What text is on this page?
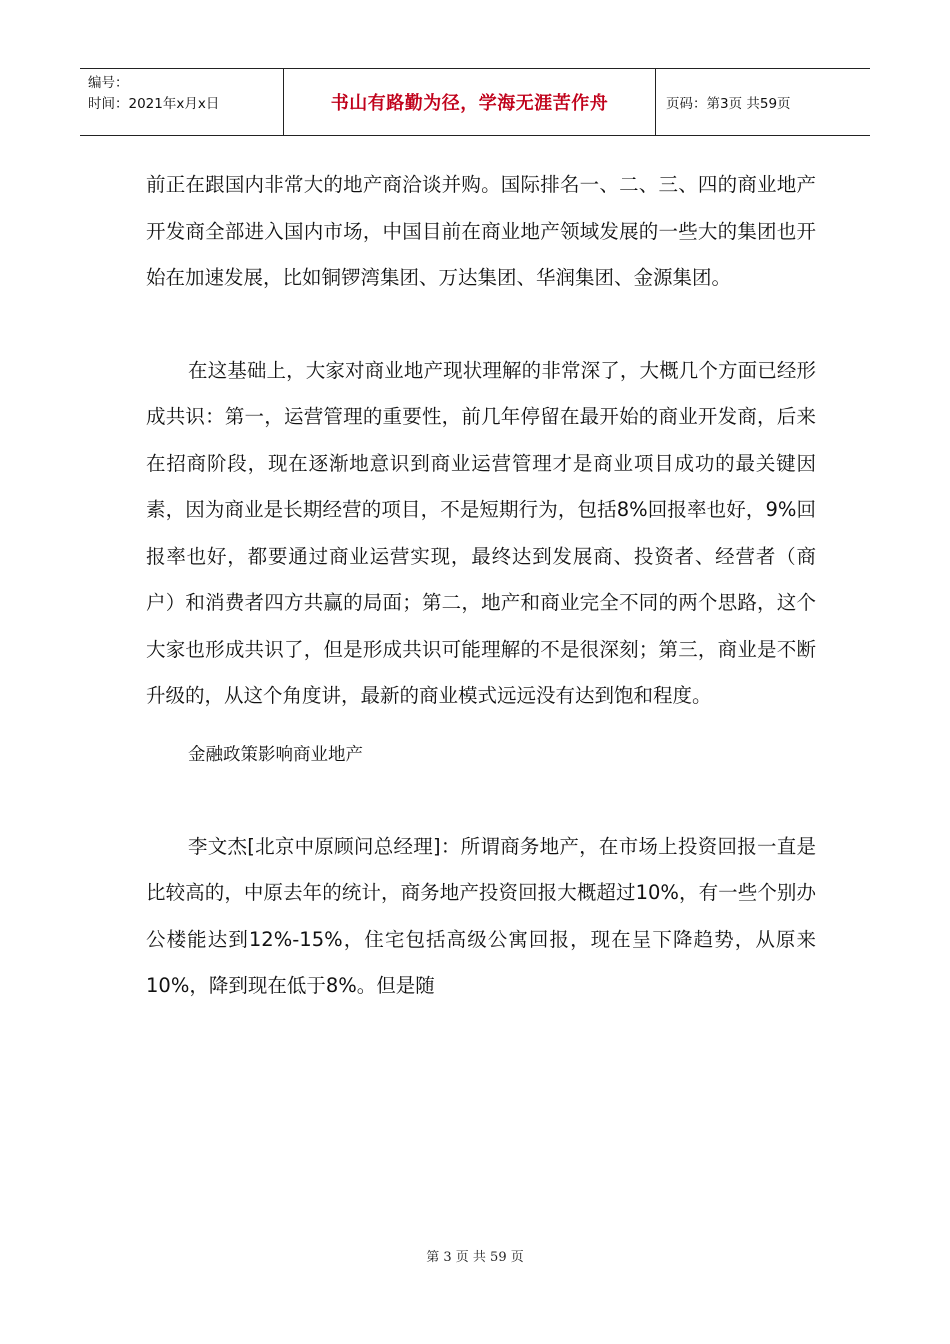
编号：
时间：2021年x月x日	书山有路勤为径，学海无涯苦作舟	页码：第3页 共59页

前正在跟国内非常大的地产商洽谈并购。国际排名一、二、三、四的商业地产开发商全部进入国内市场，中国目前在商业地产领域发展的一些大的集团也开始在加速发展，比如铜锣湾集团、万达集团、华润集团、金源集团。

在这基础上，大家对商业地产现状理解的非常深了，大概几个方面已经形成共识：第一，运营管理的重要性，前几年停留在最开始的商业开发商，后来在招商阶段，现在逐渐地意识到商业运营管理才是商业项目成功的最关键因素，因为商业是长期经营的项目，不是短期行为，包括8%回报率也好，9%回报率也好，都要通过商业运营实现，最终达到发展商、投资者、经营者（商户）和消费者四方共赢的局面；第二，地产和商业完全不同的两个思路，这个大家也形成共识了，但是形成共识可能理解的不是很深刻；第三，商业是不断升级的，从这个角度讲，最新的商业模式远远没有达到饱和程度。

金融政策影响商业地产

李文杰[北京中原顾问总经理]：所谓商务地产，在市场上投资回报一直是比较高的，中原去年的统计，商务地产投资回报大概超过10%，有一些个别办公楼能达到12%-15%，住宅包括高级公寓回报，现在呈下降趋势，从原来10%，降到现在低于8%。但是随

第 3 页 共 59 页
